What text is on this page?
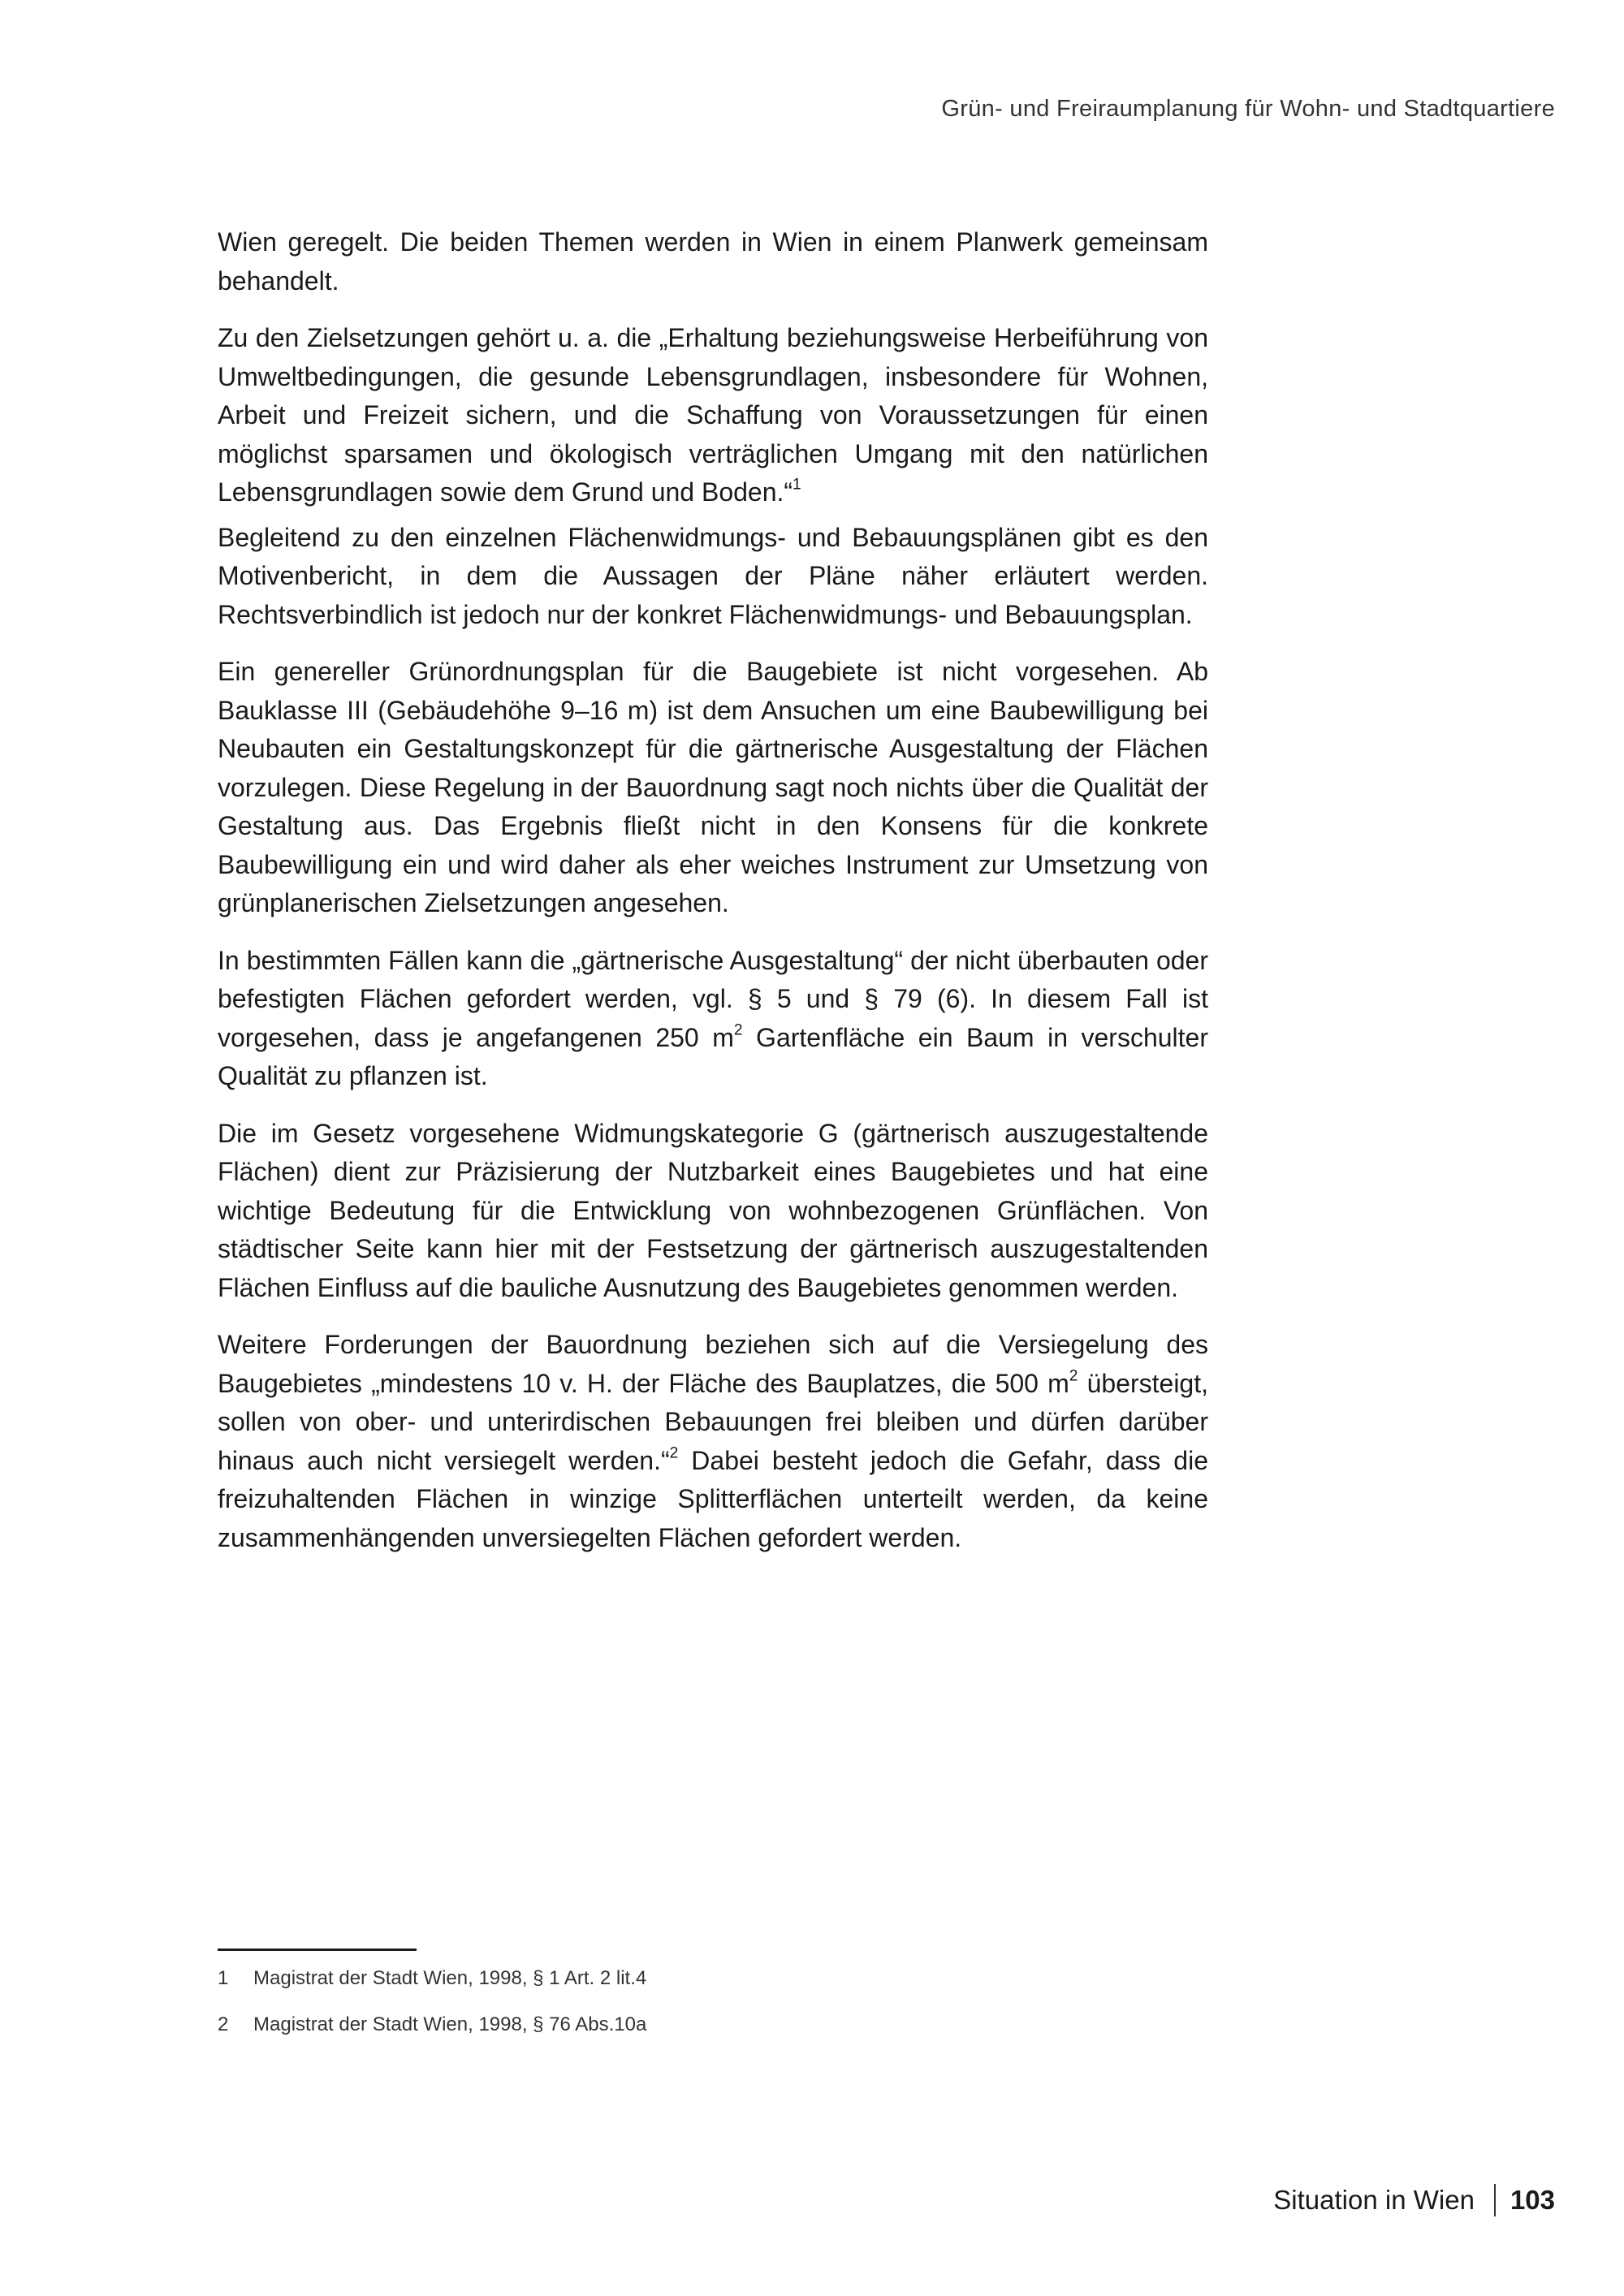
Grün- und Freiraumplanung für Wohn- und Stadtquartiere

Wien geregelt. Die beiden Themen werden in Wien in einem Planwerk gemeinsam behandelt.

Zu den Zielsetzungen gehört u. a. die „Erhaltung beziehungsweise Herbeiführung von Umweltbedingungen, die gesunde Lebensgrundlagen, insbesondere für Wohnen, Arbeit und Freizeit sichern, und die Schaffung von Voraussetzungen für einen möglichst sparsamen und ökologisch verträglichen Umgang mit den natürlichen Lebensgrundlagen sowie dem Grund und Boden.“$^1$

Begleitend zu den einzelnen Flächenwidmungs- und Bebauungsplänen gibt es den Motivenbericht, in dem die Aussagen der Pläne näher erläutert werden. Rechtsverbindlich ist jedoch nur der konkret Flächenwidmungs- und Bebauungsplan.

Ein genereller Grünordnungsplan für die Baugebiete ist nicht vorgesehen. Ab Bauklasse III (Gebäudehöhe 9–16 m) ist dem Ansuchen um eine Baubewilligung bei Neubauten ein Gestaltungskonzept für die gärtnerische Ausgestaltung der Flächen vorzulegen. Diese Regelung in der Bauordnung sagt noch nichts über die Qualität der Gestaltung aus. Das Ergebnis fließt nicht in den Konsens für die konkrete Baubewilligung ein und wird daher als eher weiches Instrument zur Umsetzung von grünplanerischen Zielsetzungen angesehen.

In bestimmten Fällen kann die „gärtnerische Ausgestaltung“ der nicht überbauten oder befestigten Flächen gefordert werden, vgl. § 5 und § 79 (6). In diesem Fall ist vorgesehen, dass je angefangenen 250 $m^2$ Gartenfläche ein Baum in verschulter Qualität zu pflanzen ist.

Die im Gesetz vorgesehene Widmungskategorie G (gärtnerisch auszugestaltende Flächen) dient zur Präzisierung der Nutzbarkeit eines Baugebietes und hat eine wichtige Bedeutung für die Entwicklung von wohnbezogenen Grünflächen. Von städtischer Seite kann hier mit der Festsetzung der gärtnerisch auszugestaltenden Flächen Einfluss auf die bauliche Ausnutzung des Baugebietes genommen werden.

Weitere Forderungen der Bauordnung beziehen sich auf die Versiegelung des Baugebietes „mindestens 10 v. H. der Fläche des Bauplatzes, die 500 $m^2$ übersteigt, sollen von ober- und unterirdischen Bebauungen frei bleiben und dürfen darüber hinaus auch nicht versiegelt werden.“$^2$ Dabei besteht jedoch die Gefahr, dass die freizuhaltenden Flächen in winzige Splitterflächen unterteilt werden, da keine zusammenhängenden unversiegelten Flächen gefordert werden.

1	Magistrat der Stadt Wien, 1998, § 1 Art. 2 lit.4
2	Magistrat der Stadt Wien, 1998, § 76 Abs.10a
Situation in Wien 103
